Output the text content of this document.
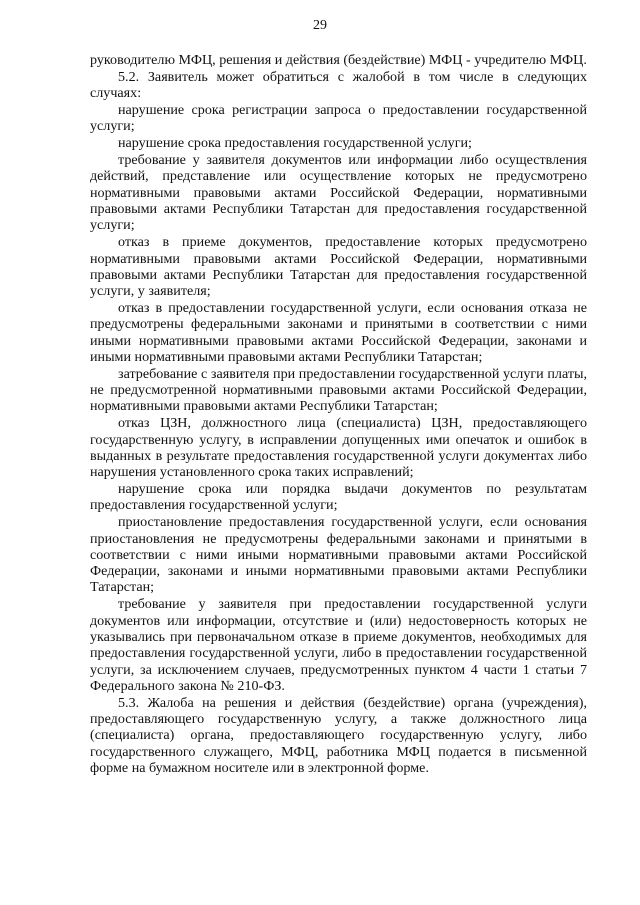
29

руководителю МФЦ, решения и действия (бездействие) МФЦ - учредителю МФЦ.

5.2. Заявитель может обратиться с жалобой в том числе в следующих случаях:

нарушение срока регистрации запроса о предоставлении государственной услуги;

нарушение срока предоставления государственной услуги;

требование у заявителя документов или информации либо осуществления действий, представление или осуществление которых не предусмотрено нормативными правовыми актами Российской Федерации, нормативными правовыми актами Республики Татарстан для предоставления государственной услуги;

отказ в приеме документов, предоставление которых предусмотрено нормативными правовыми актами Российской Федерации, нормативными правовыми актами Республики Татарстан для предоставления государственной услуги, у заявителя;

отказ в предоставлении государственной услуги, если основания отказа не предусмотрены федеральными законами и принятыми в соответствии с ними иными нормативными правовыми актами Российской Федерации, законами и иными нормативными правовыми актами Республики Татарстан;

затребование с заявителя при предоставлении государственной услуги платы, не предусмотренной нормативными правовыми актами Российской Федерации, нормативными правовыми актами Республики Татарстан;

отказ ЦЗН, должностного лица (специалиста) ЦЗН, предоставляющего государственную услугу, в исправлении допущенных ими опечаток и ошибок в выданных в результате предоставления государственной услуги документах либо нарушения установленного срока таких исправлений;

нарушение срока или порядка выдачи документов по результатам предоставления государственной услуги;

приостановление предоставления государственной услуги, если основания приостановления не предусмотрены федеральными законами и принятыми в соответствии с ними иными нормативными правовыми актами Российской Федерации, законами и иными нормативными правовыми актами Республики Татарстан;

требование у заявителя при предоставлении государственной услуги документов или информации, отсутствие и (или) недостоверность которых не указывались при первоначальном отказе в приеме документов, необходимых для предоставления государственной услуги, либо в предоставлении государственной услуги, за исключением случаев, предусмотренных пунктом 4 части 1 статьи 7 Федерального закона № 210-ФЗ.

5.3. Жалоба на решения и действия (бездействие) органа (учреждения), предоставляющего государственную услугу, а также должностного лица (специалиста) органа, предоставляющего государственную услугу, либо государственного служащего, МФЦ, работника МФЦ подается в письменной форме на бумажном носителе или в электронной форме.
